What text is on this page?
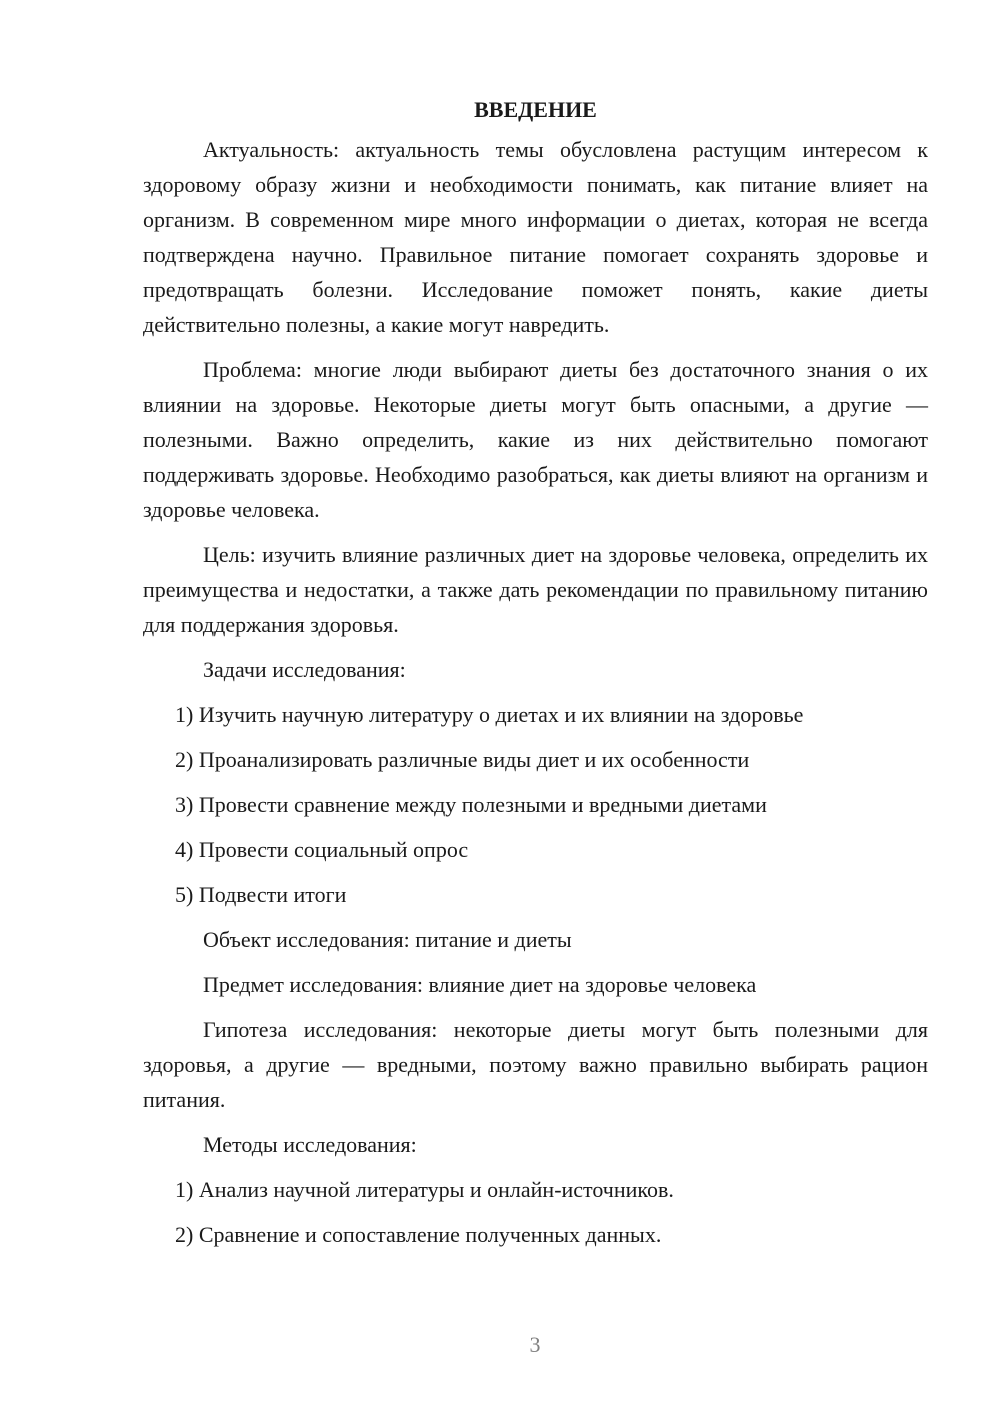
ВВЕДЕНИЕ

Актуальность: актуальность темы обусловлена растущим интересом к здоровому образу жизни и необходимости понимать, как питание влияет на организм. В современном мире много информации о диетах, которая не всегда подтверждена научно. Правильное питание помогает сохранять здоровье и предотвращать болезни. Исследование поможет понять, какие диеты действительно полезны, а какие могут навредить.

Проблема: многие люди выбирают диеты без достаточного знания о их влиянии на здоровье. Некоторые диеты могут быть опасными, а другие — полезными. Важно определить, какие из них действительно помогают поддерживать здоровье. Необходимо разобраться, как диеты влияют на организм и здоровье человека.

Цель: изучить влияние различных диет на здоровье человека, определить их преимущества и недостатки, а также дать рекомендации по правильному питанию для поддержания здоровья.

Задачи исследования:
1) Изучить научную литературу о диетах и их влиянии на здоровье
2) Проанализировать различные виды диет и их особенности
3) Провести сравнение между полезными и вредными диетами
4) Провести социальный опрос
5) Подвести итоги
Объект исследования: питание и диеты
Предмет исследования: влияние диет на здоровье человека

Гипотеза исследования: некоторые диеты могут быть полезными для здоровья, а другие — вредными, поэтому важно правильно выбирать рацион питания.

Методы исследования:
1) Анализ научной литературы и онлайн-источников.
2) Сравнение и сопоставление полученных данных.
3
